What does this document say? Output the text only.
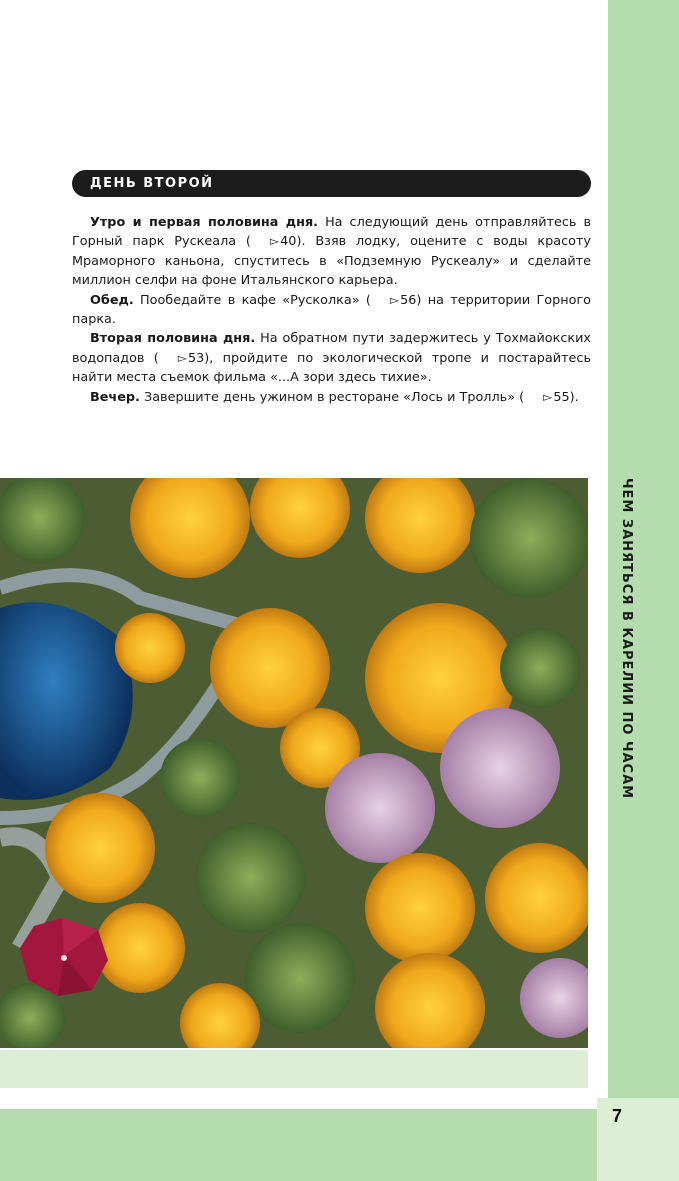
ЧЕМ ЗАНЯТЬСЯ В КАРЕЛИИ ПО ЧАСАМ
ДЕНЬ ВТОРОЙ

Утро и первая половина дня. На следующий день отправляйтесь в Горный парк Рускеала ( ▻40). Взяв лодку, оцените с воды красоту Мраморного каньона, спуститесь в «Подземную Рускеалу» и сделайте миллион селфи на фоне Итальянского карьера.

Обед. Пообедайте в кафе «Русколка» ( ▻56) на территории Горного парка.

Вторая половина дня. На обратном пути задержитесь у Тохмайокских водопадов ( ▻53), пройдите по экологической тропе и постарайтесь найти места съемок фильма «...А зори здесь тихие».

Вечер. Завершите день ужином в ресторане «Лось и Тролль» ( ▻55).

7
